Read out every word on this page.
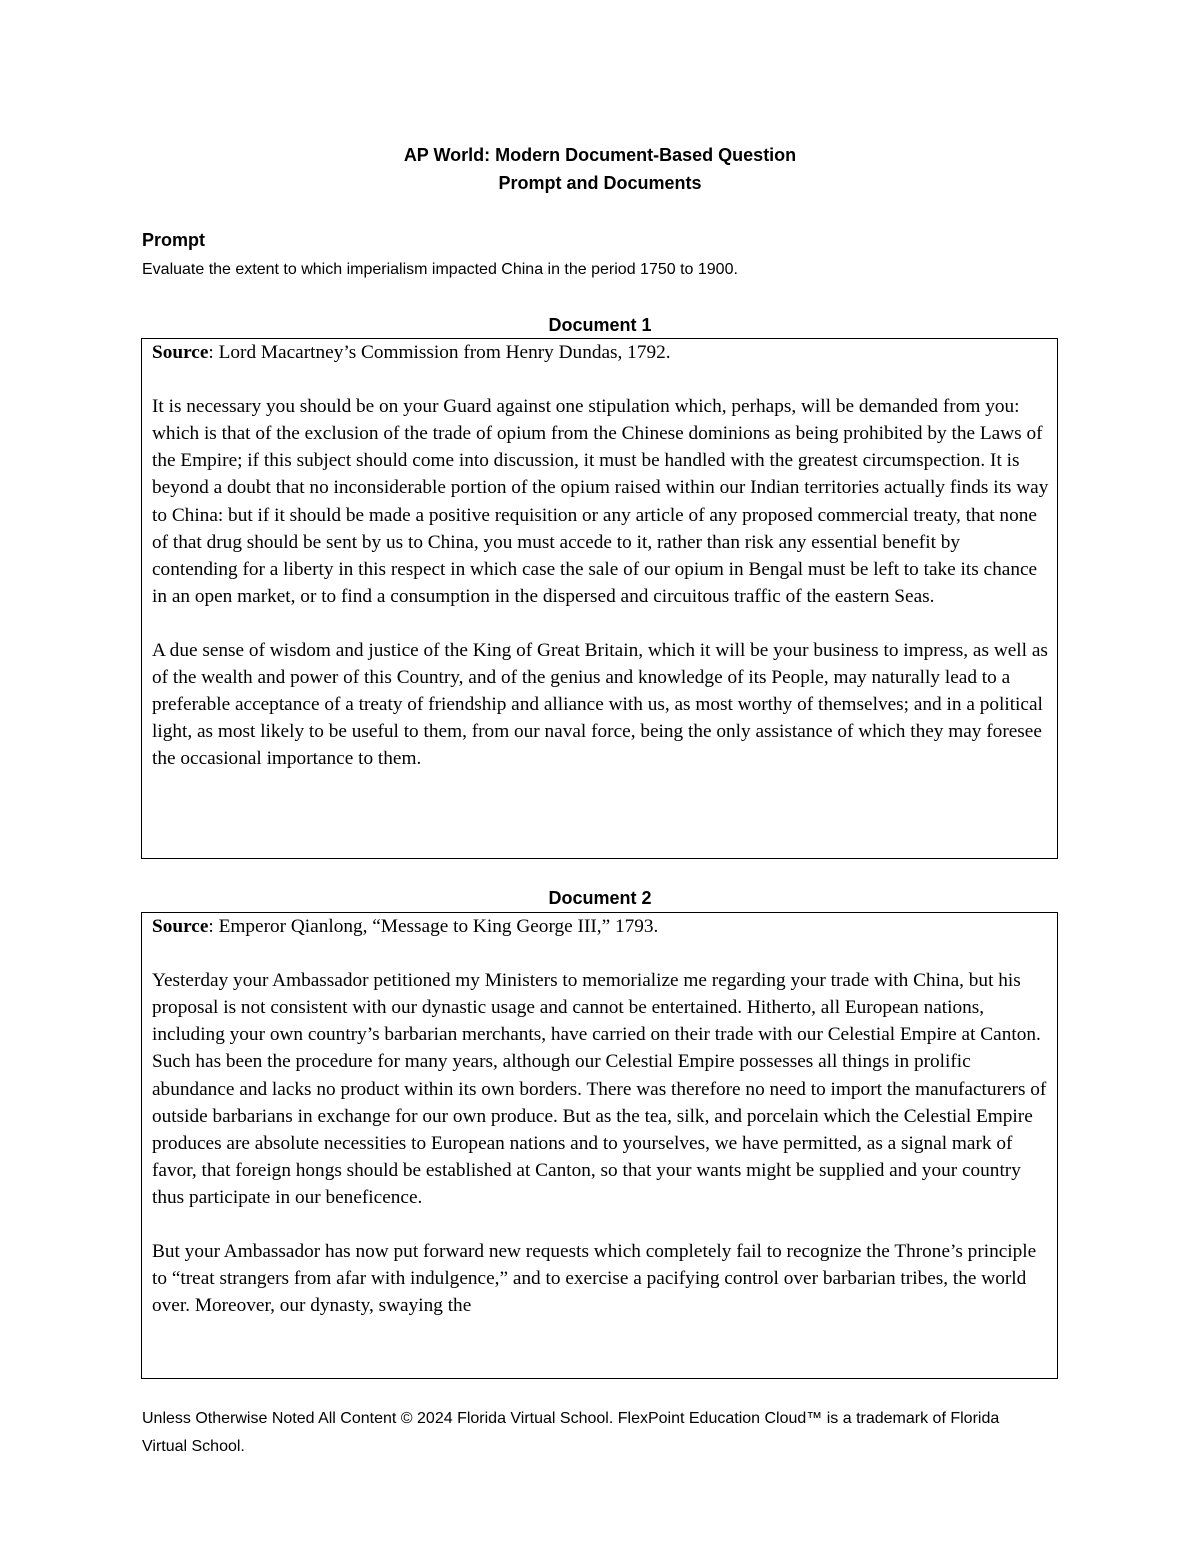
AP World: Modern Document-Based Question
Prompt and Documents
Prompt
Evaluate the extent to which imperialism impacted China in the period 1750 to 1900.
Document 1

Source: Lord Macartney’s Commission from Henry Dundas, 1792.

It is necessary you should be on your Guard against one stipulation which, perhaps, will be demanded from you: which is that of the exclusion of the trade of opium from the Chinese dominions as being prohibited by the Laws of the Empire; if this subject should come into discussion, it must be handled with the greatest circumspection. It is beyond a doubt that no inconsiderable portion of the opium raised within our Indian territories actually finds its way to China: but if it should be made a positive requisition or any article of any proposed commercial treaty, that none of that drug should be sent by us to China, you must accede to it, rather than risk any essential benefit by contending for a liberty in this respect in which case the sale of our opium in Bengal must be left to take its chance in an open market, or to find a consumption in the dispersed and circuitous traffic of the eastern Seas.

A due sense of wisdom and justice of the King of Great Britain, which it will be your business to impress, as well as of the wealth and power of this Country, and of the genius and knowledge of its People, may naturally lead to a preferable acceptance of a treaty of friendship and alliance with us, as most worthy of themselves; and in a political light, as most likely to be useful to them, from our naval force, being the only assistance of which they may foresee the occasional importance to them.

Document 2

Source: Emperor Qianlong, “Message to King George III,” 1793.

Yesterday your Ambassador petitioned my Ministers to memorialize me regarding your trade with China, but his proposal is not consistent with our dynastic usage and cannot be entertained. Hitherto, all European nations, including your own country’s barbarian merchants, have carried on their trade with our Celestial Empire at Canton. Such has been the procedure for many years, although our Celestial Empire possesses all things in prolific abundance and lacks no product within its own borders. There was therefore no need to import the manufacturers of outside barbarians in exchange for our own produce. But as the tea, silk, and porcelain which the Celestial Empire produces are absolute necessities to European nations and to yourselves, we have permitted, as a signal mark of favor, that foreign hongs should be established at Canton, so that your wants might be supplied and your country thus participate in our beneficence.

But your Ambassador has now put forward new requests which completely fail to recognize the Throne’s principle to “treat strangers from afar with indulgence,” and to exercise a pacifying control over barbarian tribes, the world over. Moreover, our dynasty, swaying the

Unless Otherwise Noted All Content © 2024 Florida Virtual School. FlexPoint Education Cloud™ is a trademark of Florida Virtual School.
